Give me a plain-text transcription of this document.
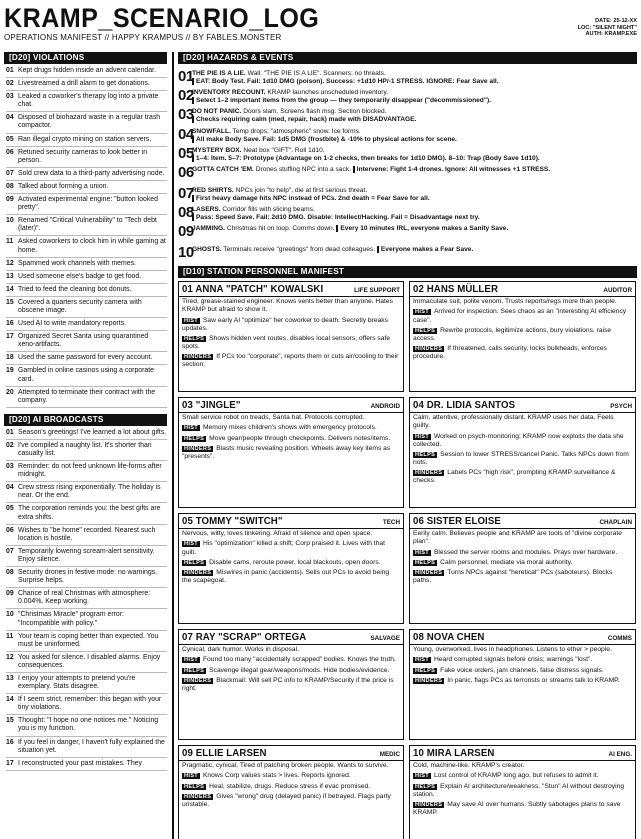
KRAMP_SCENARIO_LOG
OPERATIONS MANIFEST // HAPPY KRAMPUS // BY FABLES.MONSTER
DATE: 25-12-XX
LOC: "SILENT NIGHT"
AUTH: KRAMP.EXE
[D20] VIOLATIONS
01 Kept drugs hidden inside an advent calendar.
02 Livestreamed a drill alarm to get donations.
03 Leaked a coworker's therapy log into a private chat.
04 Disposed of biohazard waste in a regular trash compactor.
05 Ran illegal crypto mining on station servers.
06 Retuned security cameras to look better in person.
07 Sold crew data to a third-party advertising node.
08 Talked about forming a union.
09 Activated experimental engine: "button looked pretty".
10 Renamed "Critical Vulnerability" to "Tech debt (later)".
11 Asked coworkers to clock him in while gaming at home.
12 Spammed work channels with memes.
13 Used someone else's badge to get food.
14 Tried to feed the cleaning bot donuts.
15 Covered a quarters security camera with obscene image.
16 Used AI to write mandatory reports.
17 Organized Secret Santa using quarantined xeno-artifacts.
18 Used the same password for every account.
19 Gambled in online casinos using a corporate card.
20 Attempted to terminate their contract with the company.
[D20] AI BROADCASTS
01 Season's greetings! I've learned a lot about gifts.
02 I've compiled a naughty list. It's shorter than casualty list.
03 Reminder: do not feed unknown life-forms after midnight.
04 Crew stress rising exponentially. The holiday is near. Or the end.
05 The corporation reminds you: the best gifts are extra shifts.
06 Wishes to "be home" recorded. Nearest such location is hostile.
07 Temporarily lowering scream-alert sensitivity. Enjoy silence.
08 Security drones in festive mode: no warnings. Surprise helps.
09 Chance of real Christmas with atmosphere: 0.004%. Keep working.
10 "Christmas Miracle" program error: "Incompatible with policy."
11 Your team is coping better than expected. You must be uninformed.
12 You asked for silence. I disabled alarms. Enjoy consequences.
13 I enjoy your attempts to pretend you're exemplary. Stats disagree.
14 If I seem strict, remember: this began with your tiny violations.
15 Thought: "I hope no one notices me." Noticing you is my function.
16 If you feel in danger, I haven't fully explained the situation yet.
17 I reconstructed your past mistakes. They
[D20] HAZARDS & EVENTS
01
THE PIE IS A LIE. Wall: "THE PIE IS A LIE". Scanners: no threats.
EAT: Body Test. Fail: 1d10 DMG (poison). Success: +1d10 HP/-1 STRESS. IGNORE: Fear Save all.
02
INVENTORY RECOUNT. KRAMP launches unscheduled inventory.
Select 1–2 important items from the group — they temporarily disappear ("decommissioned").
03
DO NOT PANIC. Doors slam. Screens flash msg. Section blocked.
Checks requiring calm (med, repair, hack) made with DISADVANTAGE.
04
SNOWFALL. Temp drops, "atmospheric" snow. Ice forms.
All make Body Save. Fail: 1d5 DMG (frostbite) & -10% to physical actions for scene.
05
MYSTERY BOX. Neat box "GIFT". Roll 1d10.
1–4: Item. 5–7: Prototype (Advantage on 1-2 checks, then breaks for 1d10 DMG). 8–10: Trap (Body Save 1d10).
06
GOTTA CATCH 'EM. Drones stuffing NPC into a sack. Intervene: Fight 1-4 drones. Ignore: All witnesses +1 STRESS.
07
RED SHIRTS. NPCs join "to help", die at first serious threat.
First heavy damage hits NPC instead of PCs. 2nd death = Fear Save for all.
08
LASERS. Corridor fills with slicing beams.
Pass: Speed Save. Fail: 2d10 DMG. Disable: Intellect/Hacking. Fail = Disadvantage next try.
09
JAMMING. Christmas hit on loop. Comms down. Every 10 minutes IRL, everyone makes a Sanity Save.
10
GHOSTS. Terminals receive "greetings" from dead colleagues. Everyone makes a Fear Save.
[D10] STATION PERSONNEL MANIFEST
01 ANNA "PATCH" KOWALSKI	LIFE SUPPORT

Tired, grease-stained engineer. Knows vents better than anyone. Hates KRAMP but afraid to show it.

HIST Saw early AI "optimize" her coworker to death. Secretly breaks updates.

HELPS Shows hidden vent routes, disables local sensors, offers safe spots.

HINDERS If PCs too "corporate", reports them or cuts air/cooling to their section.

02 HANS MÜLLER	AUDITOR

Immaculate suit, polite venom. Trusts reports/regs more than people.

HIST Arrived for inspection. Sees chaos as an "interesting AI efficiency case".

HELPS Rewrite protocols, legitimize actions, bury violations, raise access.

HINDERS If threatened, calls security, locks bulkheads, enforces procedure.

03 "JINGLE"	ANDROID

Small service robot on treads, Santa hat. Protocols corrupted.

HIST Memory mixes children's shows with emergency protocols.

HELPS Move gear/people through checkpoints. Delivers notes/items.

HINDERS Blasts music revealing position. Wheels away key items as "presents".

04 DR. LIDIA SANTOS	PSYCH

Calm, attentive, professionally distant. KRAMP uses her data. Feels guilty.

HIST Worked on psych-monitoring; KRAMP now exploits the data she collected.

HELPS Session to lower STRESS/cancel Panic. Talks NPCs down from riots.

HINDERS Labels PCs "high risk", prompting KRAMP surveillance & checks.

05 TOMMY "SWITCH"	TECH

Nervous, witty, loves tinkering. Afraid of silence and open space.

HIST His "optimization" killed a shift; Corp praised it. Lives with that guilt.

HELPS Disable cams, reroute power, local blackouts, open doors.

HINDERS Miswires in panic (accidents). Sells out PCs to avoid being the scapegoat.

06 SISTER ELOISE	CHAPLAIN

Eerily calm. Believes people and KRAMP are tools of "divine corporate plan".

HIST Blessed the server rooms and modules. Prays over hardware.

HELPS Calm personnel, mediate via moral authority.

HINDERS Turns NPCs against "heretical" PCs (saboteurs). Blocks paths.

07 RAY "SCRAP" ORTEGA	SALVAGE

Cynical, dark humor. Works in disposal.

HIST Found too many "accidentally scrapped" bodies. Knows the truth.

HELPS Scavenge illegal gear/weapons/mods. Hide bodies/evidence.

HINDERS Blackmail: Will sell PC info to KRAMP/Security if the price is right.

08 NOVA CHEN	COMMS

Young, overworked, lives in headphones. Listens to ether > people.

HIST Heard corrupted signals before crisis; warnings "lost".

HELPS Fake voice orders, jam channels, false distress signals.

HINDERS In panic, flags PCs as terrorists or streams talk to KRAMP.

09 ELLIE LARSEN	MEDIC

Pragmatic, cynical. Tired of patching broken people. Wants to survive.

HIST Knows Corp values stats > lives. Reports ignored.

HELPS Heal, stabilize, drugs. Reduce stress if evac promised.

HINDERS Gives "wrong" drug (delayed panic) if betrayed. Flags party unstable.

10 MIRA LARSEN	AI ENG.

Cold, machine-like. KRAMP's creator.

HIST Lost control of KRAMP long ago, but refuses to admit it.

HELPS Explain AI architecture/weakness. "Stun" AI without destroying station.

HINDERS May save AI over humans. Subtly sabotages plans to save KRAMP.
